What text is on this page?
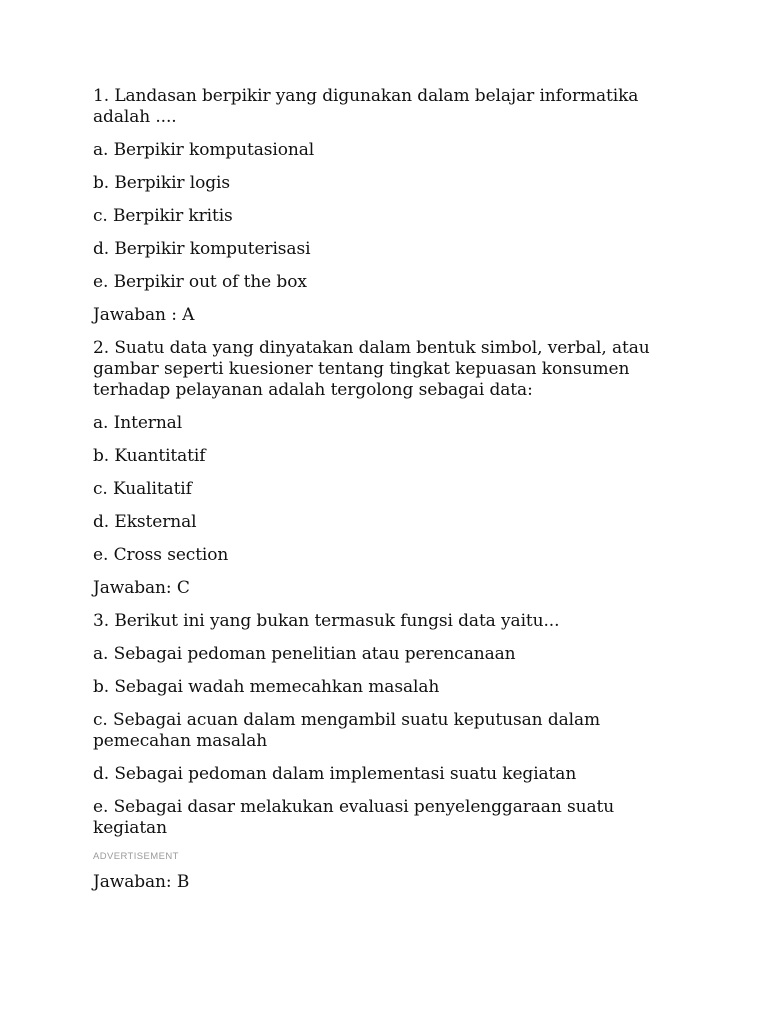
1. Landasan berpikir yang digunakan dalam belajar informatika adalah ....

a. Berpikir komputasional

b. Berpikir logis

c. Berpikir kritis

d. Berpikir komputerisasi

e. Berpikir out of the box

Jawaban : A

2. Suatu data yang dinyatakan dalam bentuk simbol, verbal, atau gambar seperti kuesioner tentang tingkat kepuasan konsumen terhadap pelayanan adalah tergolong sebagai data:

a. Internal

b. Kuantitatif

c. Kualitatif

d. Eksternal

e. Cross section

Jawaban: C

3. Berikut ini yang bukan termasuk fungsi data yaitu...

a. Sebagai pedoman penelitian atau perencanaan

b. Sebagai wadah memecahkan masalah

c. Sebagai acuan dalam mengambil suatu keputusan dalam pemecahan masalah

d. Sebagai pedoman dalam implementasi suatu kegiatan

e. Sebagai dasar melakukan evaluasi penyelenggaraan suatu kegiatan

ADVERTISEMENT

Jawaban: B
